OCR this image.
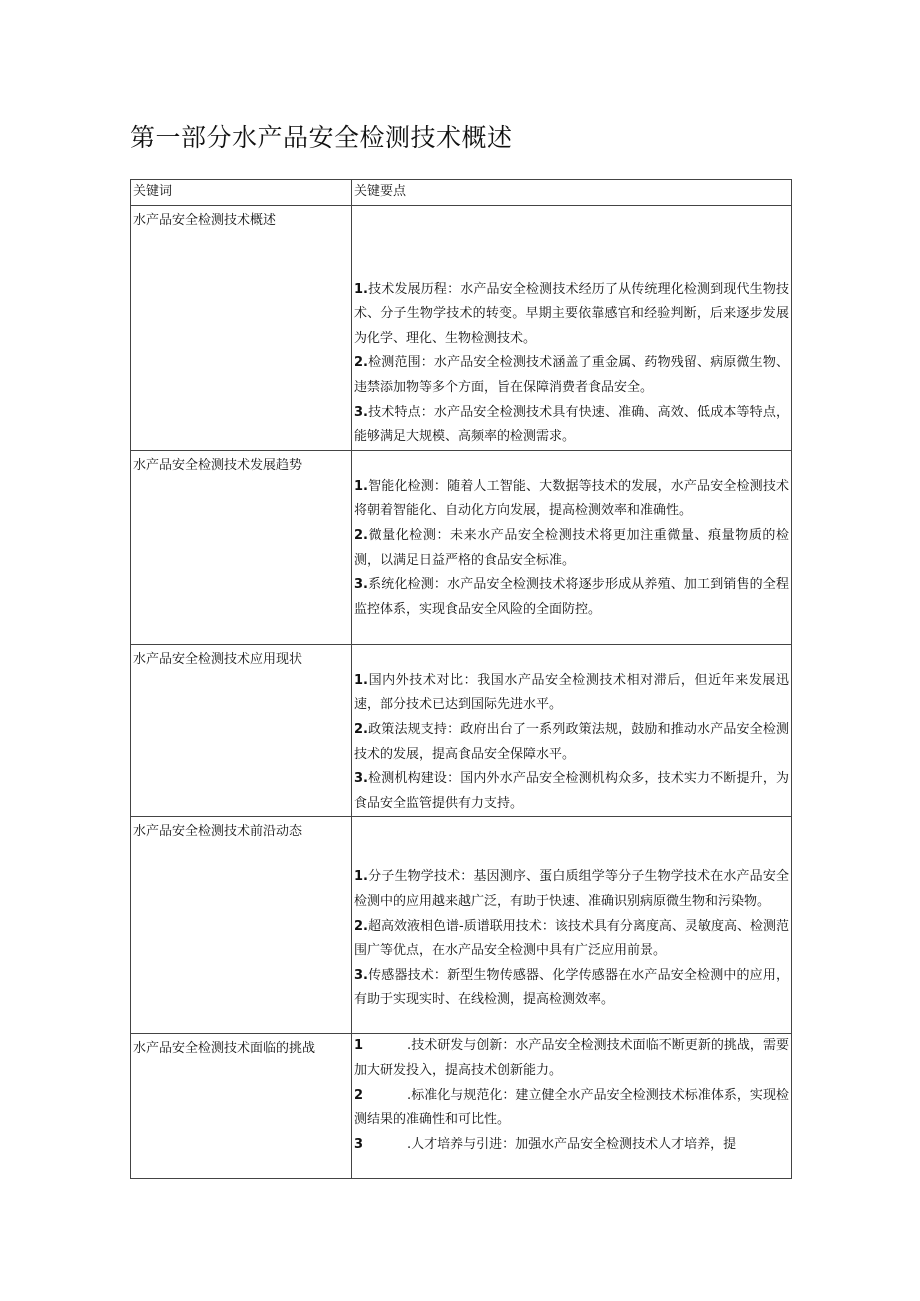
第一部分水产品安全检测技术概述
关键词	关键要点

水产品安全检测技术概述	1.技术发展历程：水产品安全检测技术经历了从传统理化检测到现代生物技术、分子生物学技术的转变。早期主要依靠感官和经验判断，后来逐步发展为化学、理化、生物检测技术。

2.检测范围：水产品安全检测技术涵盖了重金属、药物残留、病原微生物、违禁添加物等多个方面，旨在保障消费者食品安全。

3.技术特点：水产品安全检测技术具有快速、准确、高效、低成本等特点，能够满足大规模、高频率的检测需求。

水产品安全检测技术发展趋势	1.智能化检测：随着人工智能、大数据等技术的发展，水产品安全检测技术将朝着智能化、自动化方向发展，提高检测效率和准确性。

2.微量化检测：未来水产品安全检测技术将更加注重微量、痕量物质的检测，以满足日益严格的食品安全标准。

3.系统化检测：水产品安全检测技术将逐步形成从养殖、加工到销售的全程监控体系，实现食品安全风险的全面防控。

水产品安全检测技术应用现状	1.国内外技术对比：我国水产品安全检测技术相对滞后，但近年来发展迅速，部分技术已达到国际先进水平。

2.政策法规支持：政府出台了一系列政策法规，鼓励和推动水产品安全检测技术的发展，提高食品安全保障水平。

3.检测机构建设：国内外水产品安全检测机构众多，技术实力不断提升，为食品安全监管提供有力支持。

水产品安全检测技术前沿动态	1.分子生物学技术：基因测序、蛋白质组学等分子生物学技术在水产品安全检测中的应用越来越广泛，有助于快速、准确识别病原微生物和污染物。

2.超高效液相色谱-质谱联用技术：该技术具有分离度高、灵敏度高、检测范围广等优点，在水产品安全检测中具有广泛应用前景。

3.传感器技术：新型生物传感器、化学传感器在水产品安全检测中的应用，有助于实现实时、在线检测，提高检测效率。

水产品安全检测技术面临的挑战	1 .技术研发与创新：水产品安全检测技术面临不断更新的挑战，需要加大研发投入，提高技术创新能力。

2 .标准化与规范化：建立健全水产品安全检测技术标准体系，实现检测结果的准确性和可比性。

3 .人才培养与引进：加强水产品安全检测技术人才培养，提
